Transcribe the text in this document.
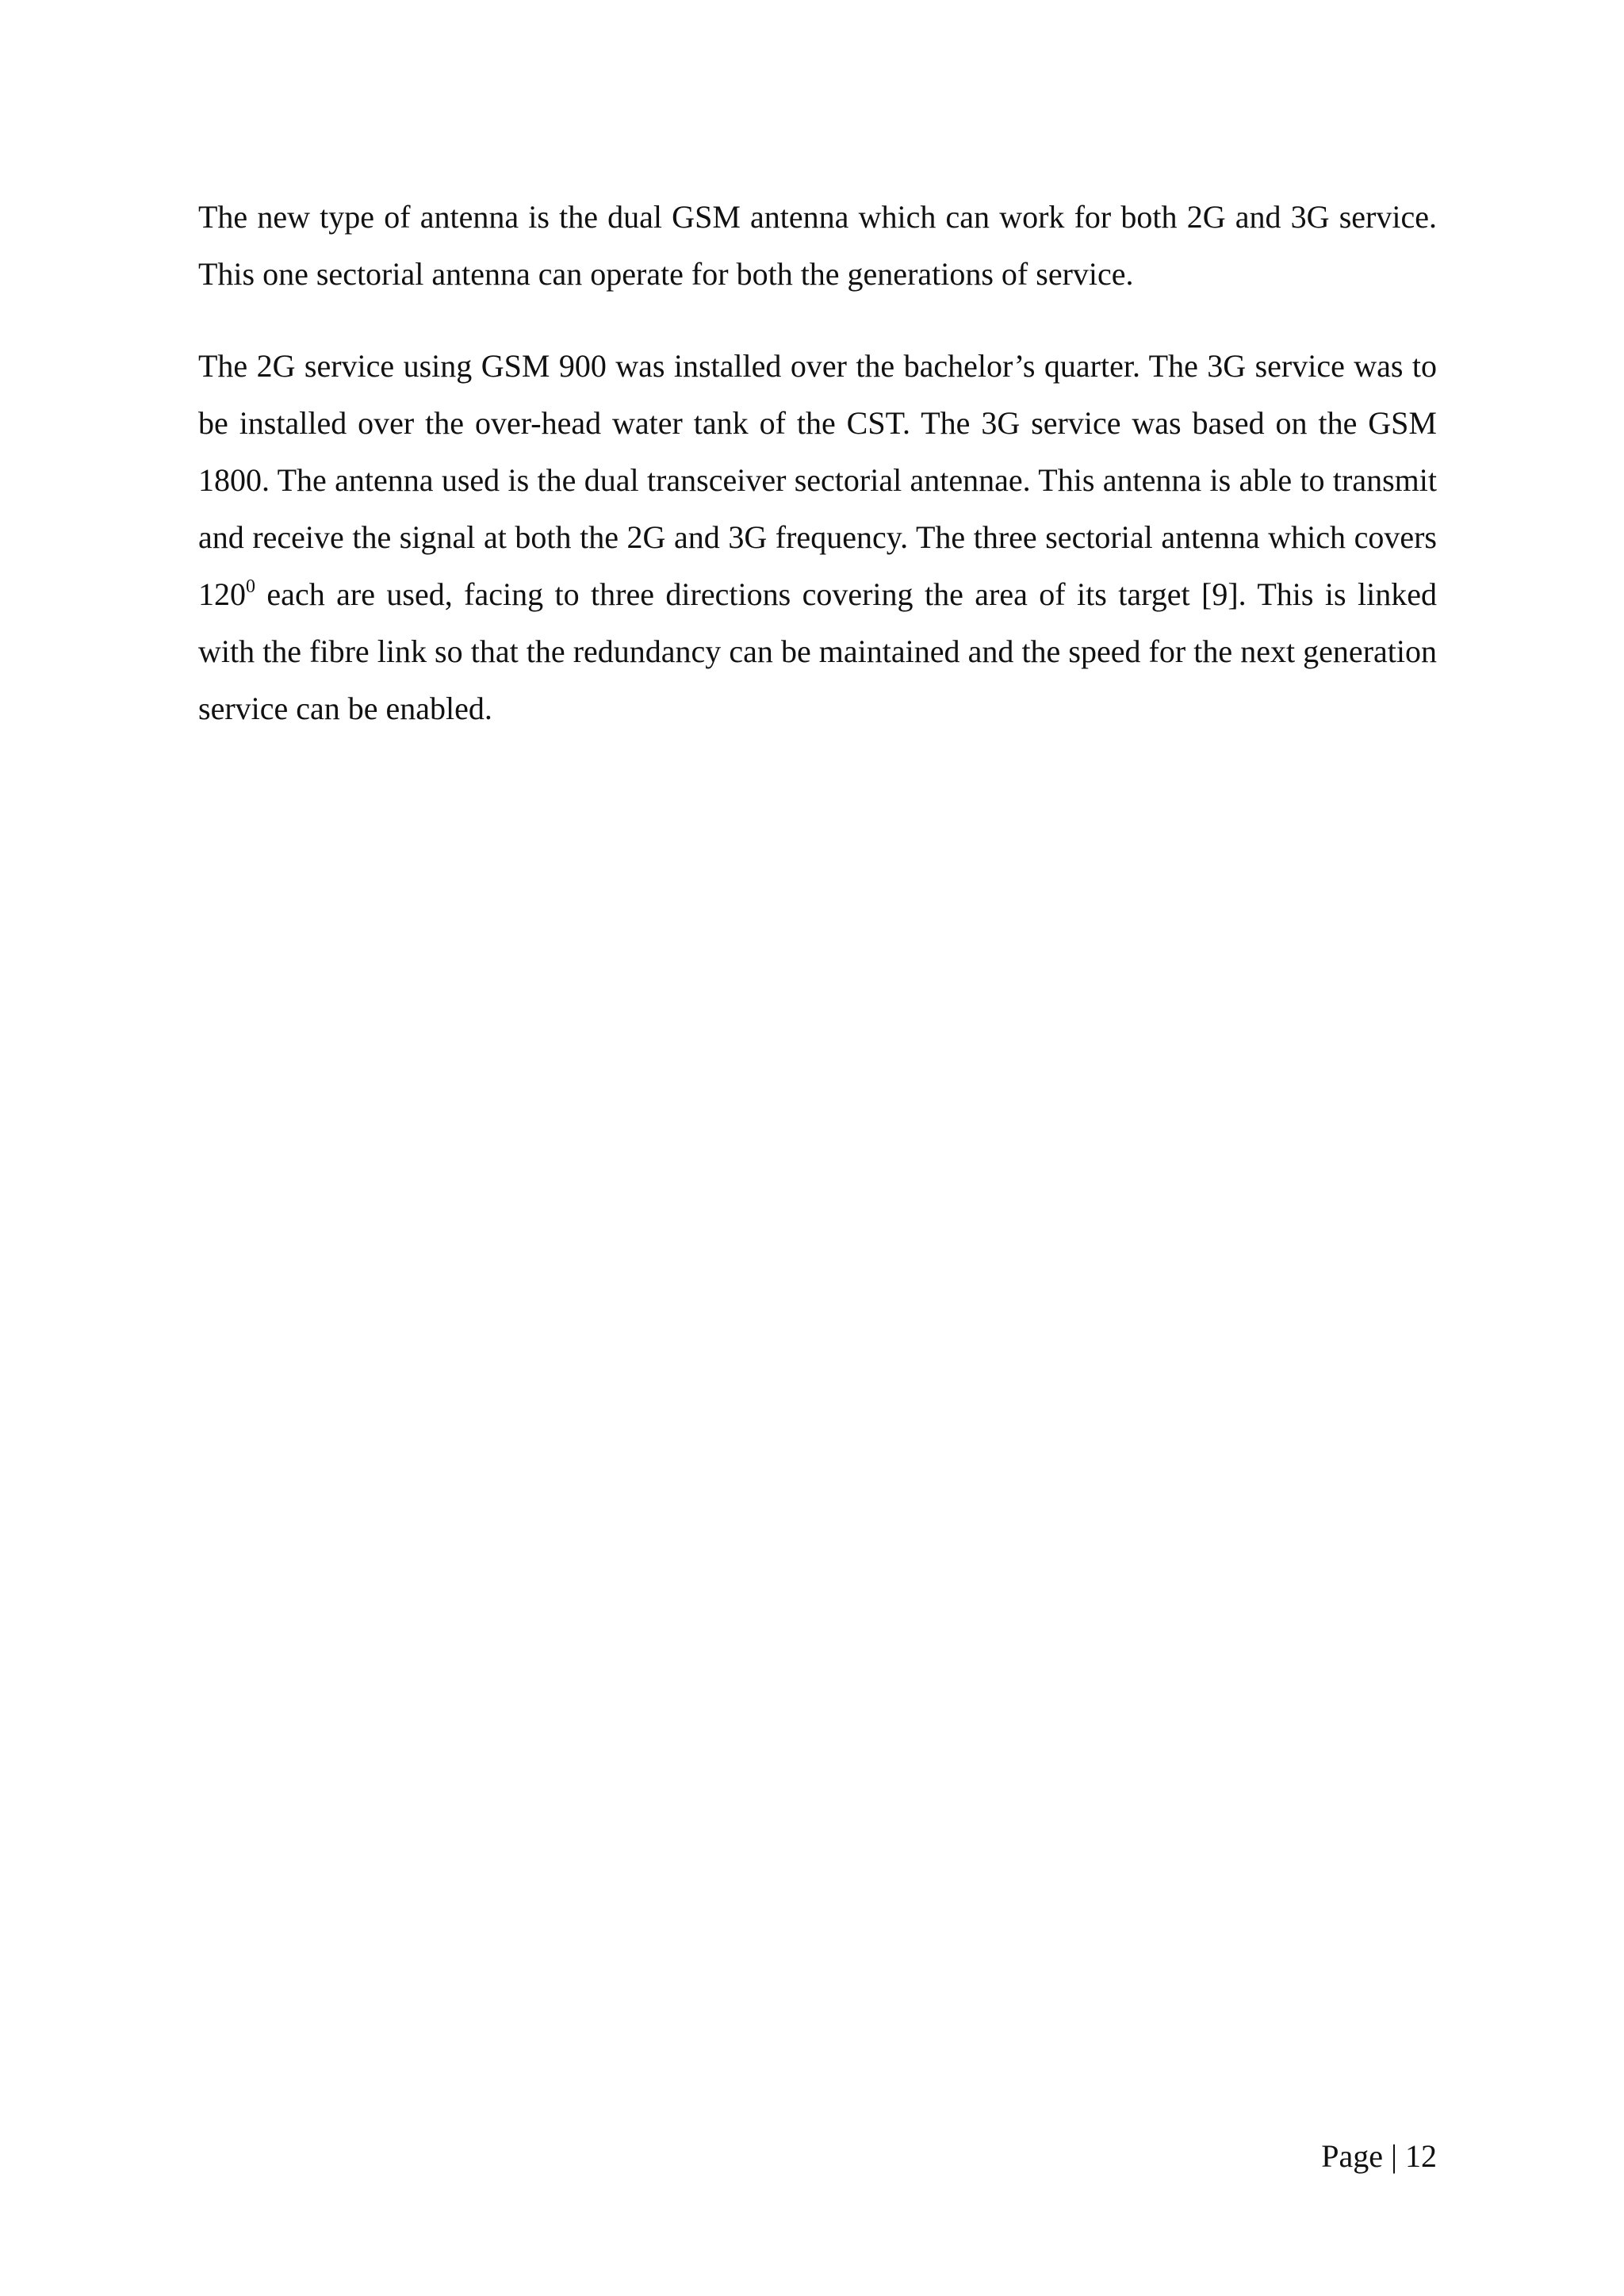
The new type of antenna is the dual GSM antenna which can work for both 2G and 3G service. This one sectorial antenna can operate for both the generations of service.

The 2G service using GSM 900 was installed over the bachelor’s quarter. The 3G service was to be installed over the over-head water tank of the CST. The 3G service was based on the GSM 1800. The antenna used is the dual transceiver sectorial antennae. This antenna is able to transmit and receive the signal at both the 2G and 3G frequency. The three sectorial antenna which covers $120^0$ each are used, facing to three directions covering the area of its target [9]. This is linked with the fibre link so that the redundancy can be maintained and the speed for the next generation service can be enabled.

Page | 12
